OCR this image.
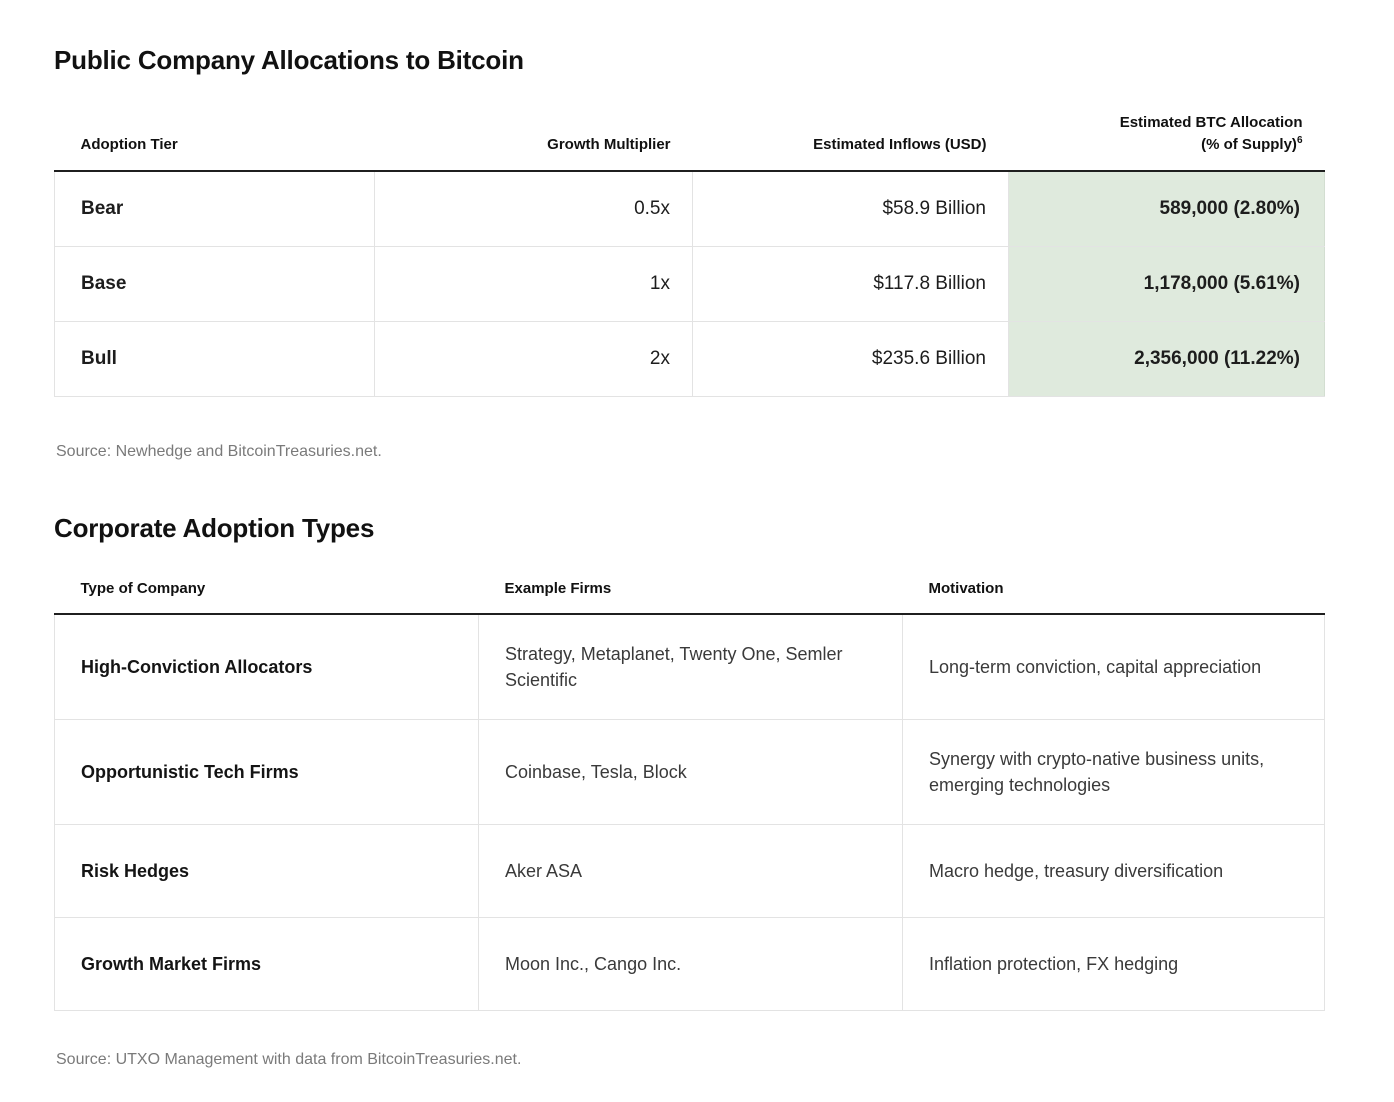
Public Company Allocations to Bitcoin
Adoption Tier	Growth Multiplier	Estimated Inflows (USD)	Estimated BTC Allocation
(% of Supply)$^6$
Bear	0.5x	$58.9 Billion	589,000 (2.80%)
Base	1x	$117.8 Billion	1,178,000 (5.61%)
Bull	2x	$235.6 Billion	2,356,000 (11.22%)

Source: Newhedge and BitcoinTreasuries.net.

Corporate Adoption Types
Type of Company	Example Firms	Motivation
High-Conviction Allocators	Strategy, Metaplanet, Twenty One, Semler Scientific	Long-term conviction, capital appreciation
Opportunistic Tech Firms	Coinbase, Tesla, Block	Synergy with crypto-native business units, emerging technologies
Risk Hedges	Aker ASA	Macro hedge, treasury diversification
Growth Market Firms	Moon Inc., Cango Inc.	Inflation protection, FX hedging

Source: UTXO Management with data from BitcoinTreasuries.net.
